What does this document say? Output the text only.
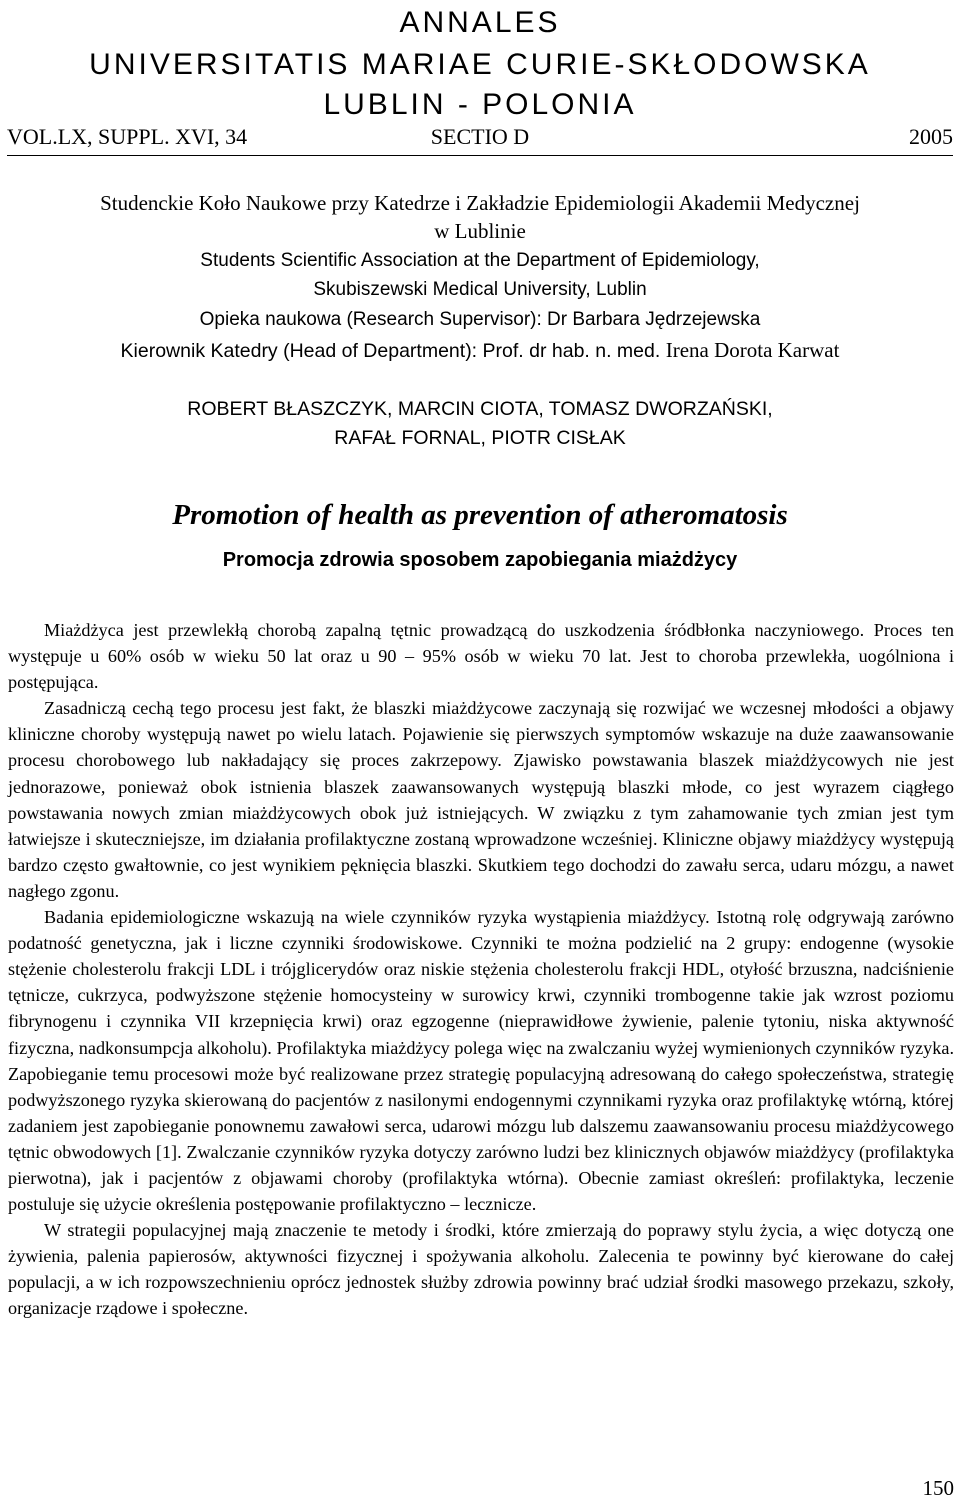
ANNALES
UNIVERSITATIS MARIAE CURIE-SKŁODOWSKA
LUBLIN - POLONIA
VOL.LX, SUPPL. XVI, 34	SECTIO D	2005
Studenckie Koło Naukowe przy Katedrze i Zakładzie Epidemiologii Akademii Medycznej
w Lublinie
Students Scientific Association at the Department of Epidemiology,
Skubiszewski Medical University, Lublin
Opieka naukowa (Research Supervisor): Dr Barbara Jędrzejewska
Kierownik Katedry (Head of Department): Prof. dr hab. n. med. Irena Dorota Karwat
ROBERT BŁASZCZYK, MARCIN CIOTA, TOMASZ DWORZAŃSKI,
RAFAŁ FORNAL, PIOTR CISŁAK
Promotion of health as prevention of atheromatosis
Promocja zdrowia sposobem zapobiegania miażdżycy

Miażdżyca jest przewlekłą chorobą zapalną tętnic prowadzącą do uszkodzenia śródbłonka naczyniowego. Proces ten występuje u 60% osób w wieku 50 lat oraz u 90 – 95% osób w wieku 70 lat. Jest to choroba przewlekła, uogólniona i postępująca.

Zasadniczą cechą tego procesu jest fakt, że blaszki miażdżycowe zaczynają się rozwijać we wczesnej młodości a objawy kliniczne choroby występują nawet po wielu latach. Pojawienie się pierwszych symptomów wskazuje na duże zaawansowanie procesu chorobowego lub nakładający się proces zakrzepowy. Zjawisko powstawania blaszek miażdżycowych nie jest jednorazowe, ponieważ obok istnienia blaszek zaawansowanych występują blaszki młode, co jest wyrazem ciągłego powstawania nowych zmian miażdżycowych obok już istniejących. W związku z tym zahamowanie tych zmian jest tym łatwiejsze i skuteczniejsze, im działania profilaktyczne zostaną wprowadzone wcześniej. Kliniczne objawy miażdżycy występują bardzo często gwałtownie, co jest wynikiem pęknięcia blaszki. Skutkiem tego dochodzi do zawału serca, udaru mózgu, a nawet nagłego zgonu.

Badania epidemiologiczne wskazują na wiele czynników ryzyka wystąpienia miażdżycy. Istotną rolę odgrywają zarówno podatność genetyczna, jak i liczne czynniki środowiskowe. Czynniki te można podzielić na 2 grupy: endogenne (wysokie stężenie cholesterolu frakcji LDL i trójglicerydów oraz niskie stężenia cholesterolu frakcji HDL, otyłość brzuszna, nadciśnienie tętnicze, cukrzyca, podwyższone stężenie homocysteiny w surowicy krwi, czynniki trombogenne takie jak wzrost poziomu fibrynogenu i czynnika VII krzepnięcia krwi) oraz egzogenne (nieprawidłowe żywienie, palenie tytoniu, niska aktywność fizyczna, nadkonsumpcja alkoholu). Profilaktyka miażdżycy polega więc na zwalczaniu wyżej wymienionych czynników ryzyka. Zapobieganie temu procesowi może być realizowane przez strategię populacyjną adresowaną do całego społeczeństwa, strategię podwyższonego ryzyka skierowaną do pacjentów z nasilonymi endogennymi czynnikami ryzyka oraz profilaktykę wtórną, której zadaniem jest zapobieganie ponownemu zawałowi serca, udarowi mózgu lub dalszemu zaawansowaniu procesu miażdżycowego tętnic obwodowych [1]. Zwalczanie czynników ryzyka dotyczy zarówno ludzi bez klinicznych objawów miażdżycy (profilaktyka pierwotna), jak i pacjentów z objawami choroby (profilaktyka wtórna). Obecnie zamiast określeń: profilaktyka, leczenie postuluje się użycie określenia postępowanie profilaktyczno – lecznicze.

W strategii populacyjnej mają znaczenie te metody i środki, które zmierzają do poprawy stylu życia, a więc dotyczą one żywienia, palenia papierosów, aktywności fizycznej i spożywania alkoholu. Zalecenia te powinny być kierowane do całej populacji, a w ich rozpowszechnieniu oprócz jednostek służby zdrowia powinny brać udział środki masowego przekazu, szkoły, organizacje rządowe i społeczne.

150
